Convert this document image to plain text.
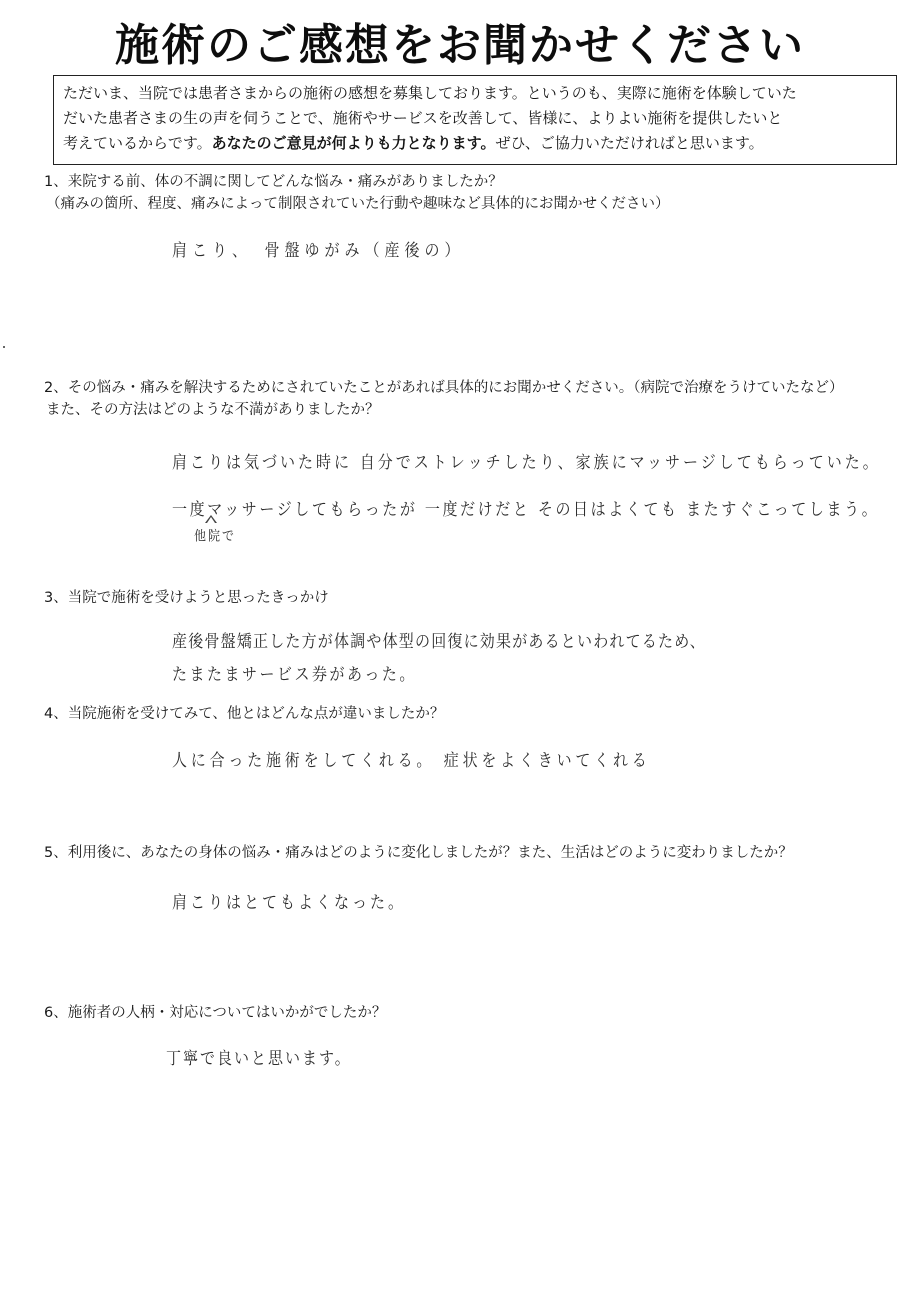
施術のご感想をお聞かせください
ただいま、当院では患者さまからの施術の感想を募集しております。というのも、実際に施術を体験していた
だいた患者さまの生の声を伺うことで、施術やサービスを改善して、皆様に、よりよい施術を提供したいと
考えているからです。あなたのご意見が何よりも力となります。ぜひ、ご協力いただければと思います。
1、来院する前、体の不調に関してどんな悩み・痛みがありましたか？
（痛みの箇所、程度、痛みによって制限されていた行動や趣味など具体的にお聞かせください）
肩こり、　骨盤ゆがみ（産後の）
2、その悩み・痛みを解決するためにされていたことがあれば具体的にお聞かせください。（病院で治療をうけていたなど）
また、その方法はどのような不満がありましたか？
肩こりは気づいた時に 自分でストレッチしたり、家族にマッサージしてもらっていた。
一度マッサージしてもらったが 一度だけだと その日はよくても またすぐこってしまう。
他院で
3、当院で施術を受けようと思ったきっかけ
産後骨盤矯正した方が体調や体型の回復に効果があるといわれてるため、
たまたまサービス券があった。
4、当院施術を受けてみて、他とはどんな点が違いましたか？
人に合った施術をしてくれる。 症状をよくきいてくれる
5、利用後に、あなたの身体の悩み・痛みはどのように変化しましたが？また、生活はどのように変わりましたか？
肩こりはとてもよくなった。
6、施術者の人柄・対応についてはいかがでしたか？
丁寧で良いと思います。
